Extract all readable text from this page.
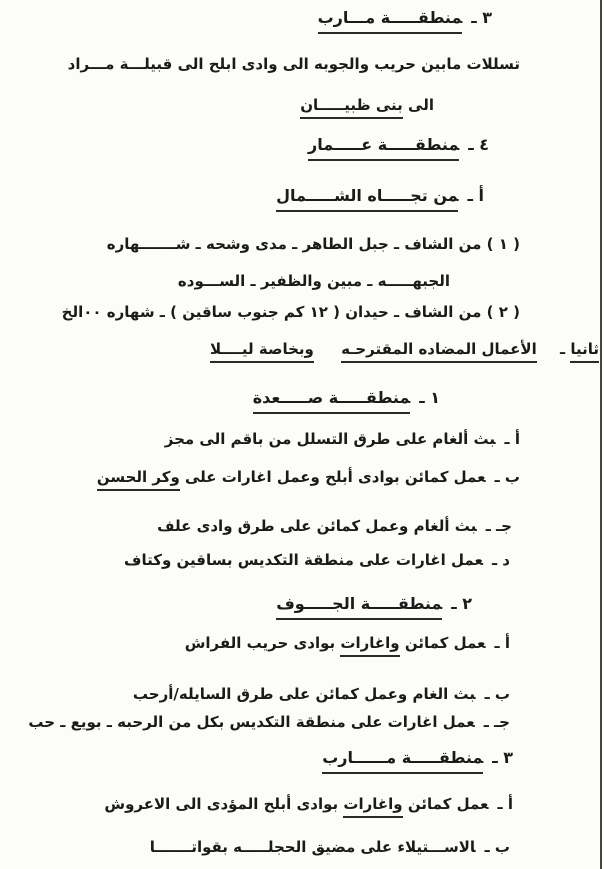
٣ ـمنطقـــــة مـــارب
تسللات مابين حريب والجوبه الى وادى ابلح الى قبيلـــة مـــراد
الى بنى ظبيـــــان
٤ ـمنطقـــــة عـــــمار
أ ـمن تجـــــاه الشـــــمال
( ١ ) من الشاف ـ جبل الطاهر ـ مدى وشحه ـ شـــــــهاره
الجبهـــــه ـ مبين والظفير ـ الســـوده
( ٢ ) من الشاف ـ حيدان ( ١٢ كم جنوب ساقين ) ـ شهاره ٠٠الخ
ثانيا ـ الأعمال المضاده المقترحـه وبخاصة ليــــلا
١ ـمنطقـــــة صـــــعدة
أ ـبث ألغام على طرق التسلل من باقم الى مجز
ب ـعمل كمائن بوادى أبلح وعمل اغارات على وكر الحسن
جـ ـبث ألغام وعمل كمائن على طرق وادى علف
د ـعمل اغارات على منطقة التكديس بساقين وكتاف
٢ ـمنطقـــــة الجـــــوف
أ ـعمل كمائن واغارات بوادى حريب الفراش
ب ـبث الغام وعمل كمائن على طرق السايله/أرحب
جـ ـعمل اغارات على منطقة التكديس بكل من الرحبه ـ بويع ـ حب
٣ ـمنطقـــــة مــــــارب
أ ـعمل كمائن واغارات بوادى أبلح المؤدى الى الاعروش
ب ـالاســـتيلاء على مضيق الحجلـــــه بقواتـــــــا
